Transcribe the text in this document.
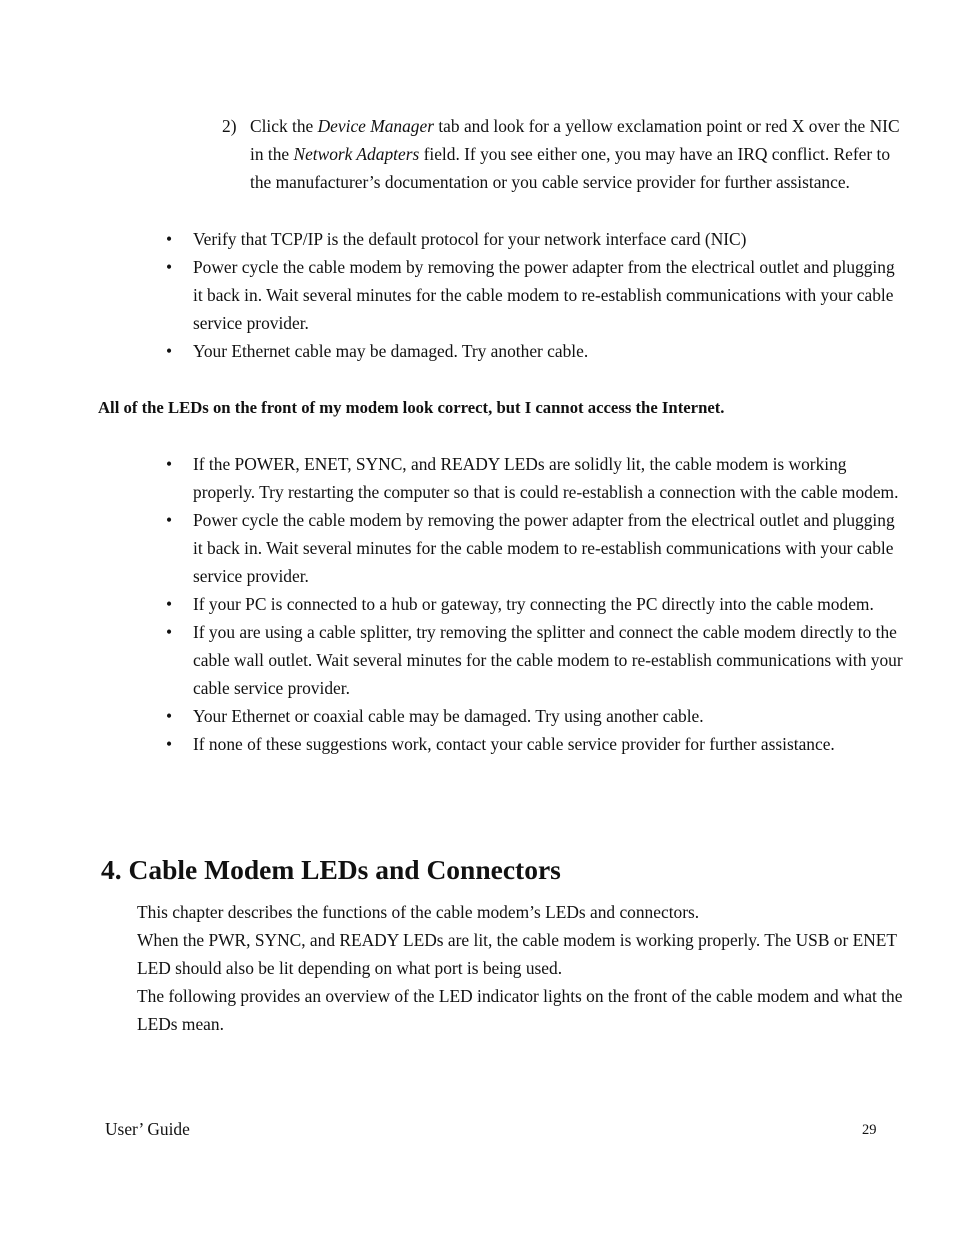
2) Click the Device Manager tab and look for a yellow exclamation point or red X over the NIC in the Network Adapters field. If you see either one, you may have an IRQ conflict. Refer to the manufacturer’s documentation or you cable service provider for further assistance.
• Verify that TCP/IP is the default protocol for your network interface card (NIC)
• Power cycle the cable modem by removing the power adapter from the electrical outlet and plugging it back in. Wait several minutes for the cable modem to re-establish communications with your cable service provider.
• Your Ethernet cable may be damaged. Try another cable.
All of the LEDs on the front of my modem look correct, but I cannot access the Internet.
• If the POWER, ENET, SYNC, and READY LEDs are solidly lit, the cable modem is working properly. Try restarting the computer so that is could re-establish a connection with the cable modem.
• Power cycle the cable modem by removing the power adapter from the electrical outlet and plugging it back in. Wait several minutes for the cable modem to re-establish communications with your cable service provider.
• If your PC is connected to a hub or gateway, try connecting the PC directly into the cable modem.
• If you are using a cable splitter, try removing the splitter and connect the cable modem directly to the cable wall outlet. Wait several minutes for the cable modem to re-establish communications with your cable service provider.
• Your Ethernet or coaxial cable may be damaged. Try using another cable.
• If none of these suggestions work, contact your cable service provider for further assistance.
4. Cable Modem LEDs and Connectors
This chapter describes the functions of the cable modem’s LEDs and connectors.
When the PWR, SYNC, and READY LEDs are lit, the cable modem is working properly. The USB or ENET LED should also be lit depending on what port is being used.
The following provides an overview of the LED indicator lights on the front of the cable modem and what the LEDs mean.
User’ Guide	29
